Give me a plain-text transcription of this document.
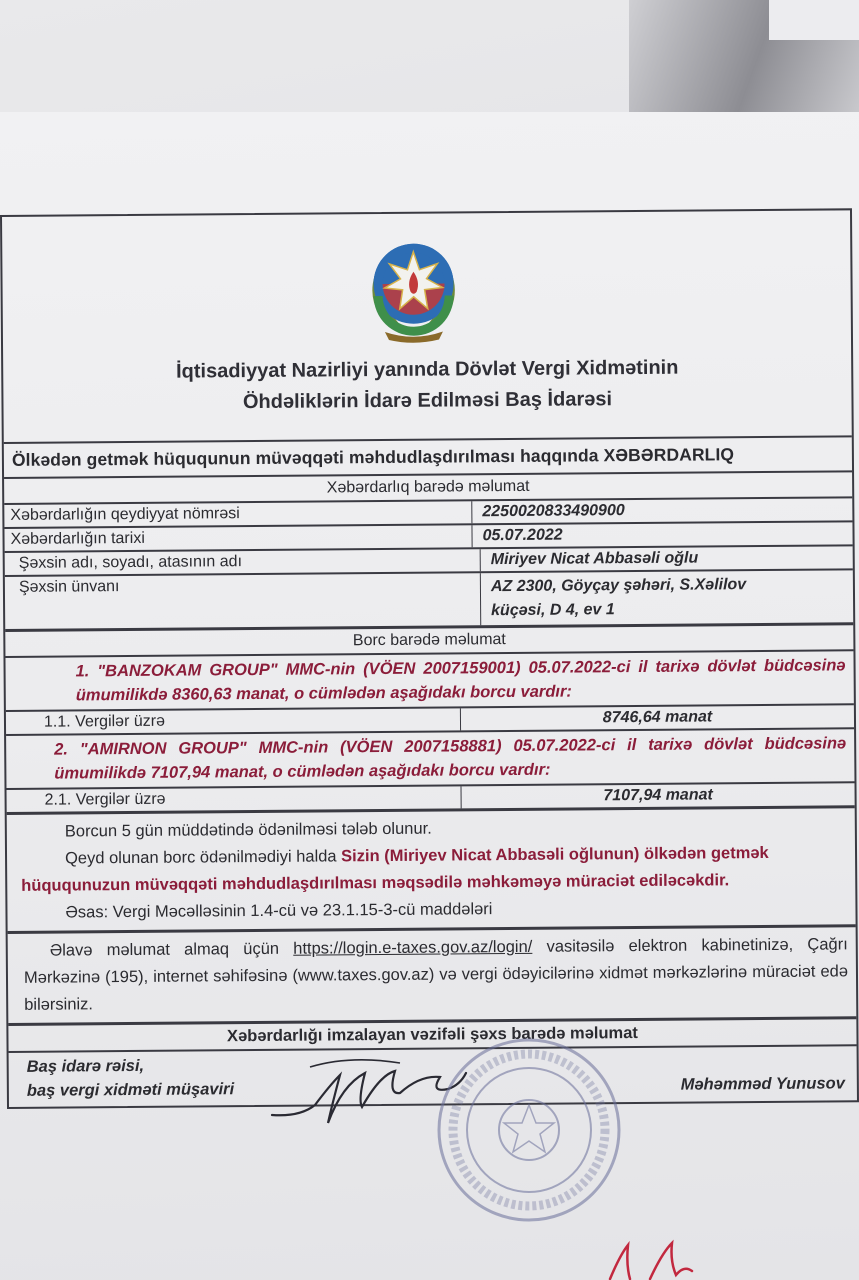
İqtisadiyyat Nazirliyi yanında Dövlət Vergi Xidmətinin
Öhdəliklərin İdarə Edilməsi Baş İdarəsi
Ölkədən getmək hüququnun müvəqqəti məhdudlaşdırılması haqqında XƏBƏRDARLIQ
Xəbərdarlıq barədə məlumat
Xəbərdarlığın qeydiyyat nömrəsi	2250020833490900
Xəbərdarlığın tarixi	05.07.2022
Şəxsin adı, soyadı, atasının adı	Miriyev Nicat Abbasəli oğlu
Şəxsin ünvanı	AZ 2300, Göyçay şəhəri, S.Xəlilov küçəsi, D 4, ev 1
Borc barədə məlumat
1. "BANZOKAM GROUP" MMC-nin (VÖEN 2007159001) 05.07.2022-ci il tarixə dövlət büdcəsinə ümumilikdə 8360,63 manat, o cümlədən aşağıdakı borcu vardır:
1.1. Vergilər üzrə	8746,64 manat
2. "AMIRNON GROUP" MMC-nin (VÖEN 2007158881) 05.07.2022-ci il tarixə dövlət büdcəsinə ümumilikdə 7107,94 manat, o cümlədən aşağıdakı borcu vardır:
2.1. Vergilər üzrə	7107,94 manat

Borcun 5 gün müddətində ödənilməsi tələb olunur.

Qeyd olunan borc ödənilmədiyi halda

Sizin (Miriyev Nicat Abbasəli oğlunun) ölkədən getmək hüququnuzun müvəqqəti məhdudlaşdırılması məqsədilə məhkəməyə müraciət ediləcəkdir.

Əsas: Vergi Məcəlləsinin 1.4-cü və 23.1.15-3-cü maddələri

Əlavə məlumat almaq üçün https://login.e-taxes.gov.az/login/ vasitəsilə elektron kabinetinizə, Çağrı Mərkəzinə (195), internet səhifəsinə (www.taxes.gov.az) və vergi ödəyicilərinə xidmət mərkəzlərinə müraciət edə bilərsiniz.
Xəbərdarlığı imzalayan vəzifəli şəxs barədə məlumat
Baş idarə rəisi,
baş vergi xidməti müşaviri	Məhəmməd Yunusov
